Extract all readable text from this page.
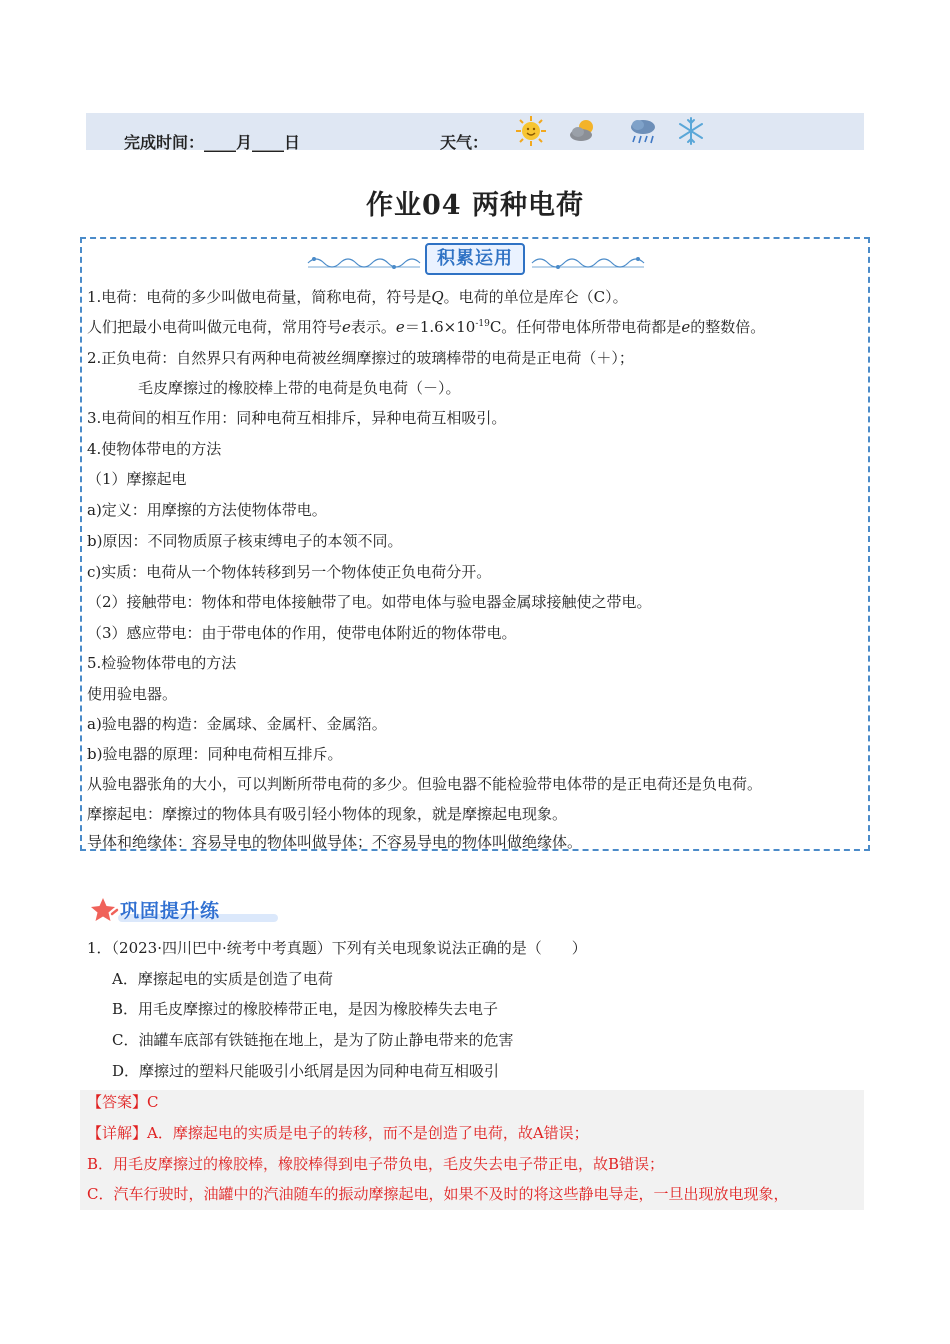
完成时间：____月____日	天气：
作业04 两种电荷
积累运用
1.电荷：电荷的多少叫做电荷量，简称电荷，符号是Q。电荷的单位是库仑（C）。
人们把最小电荷叫做元电荷，常用符号e表示。$e=1.6\times 10^{-19}C$。任何带电体所带电荷都是e的整数倍。
2.正负电荷：自然界只有两种电荷被丝绸摩擦过的玻璃棒带的电荷是正电荷（＋）；
毛皮摩擦过的橡胶棒上带的电荷是负电荷（－）。
3.电荷间的相互作用：同种电荷互相排斥，异种电荷互相吸引。
4.使物体带电的方法
（1）摩擦起电
a)定义：用摩擦的方法使物体带电。
b)原因：不同物质原子核束缚电子的本领不同。
c)实质：电荷从一个物体转移到另一个物体使正负电荷分开。
（2）接触带电：物体和带电体接触带了电。如带电体与验电器金属球接触使之带电。
（3）感应带电：由于带电体的作用，使带电体附近的物体带电。
5.检验物体带电的方法
使用验电器。
a)验电器的构造：金属球、金属杆、金属箔。
b)验电器的原理：同种电荷相互排斥。
从验电器张角的大小，可以判断所带电荷的多少。但验电器不能检验带电体带的是正电荷还是负电荷。
摩擦起电：摩擦过的物体具有吸引轻小物体的现象，就是摩擦起电现象。
导体和绝缘体：容易导电的物体叫做导体；不容易导电的物体叫做绝缘体。
巩固提升练
1．（2023·四川巴中·统考中考真题）下列有关电现象说法正确的是（　　）
A．摩擦起电的实质是创造了电荷
B．用毛皮摩擦过的橡胶棒带正电，是因为橡胶棒失去电子
C．油罐车底部有铁链拖在地上，是为了防止静电带来的危害
D．摩擦过的塑料尺能吸引小纸屑是因为同种电荷互相吸引
【答案】C
【详解】A．摩擦起电的实质是电子的转移，而不是创造了电荷，故A错误；
B．用毛皮摩擦过的橡胶棒，橡胶棒得到电子带负电，毛皮失去电子带正电，故B错误；
C．汽车行驶时，油罐中的汽油随车的振动摩擦起电，如果不及时的将这些静电导走，一旦出现放电现象，
